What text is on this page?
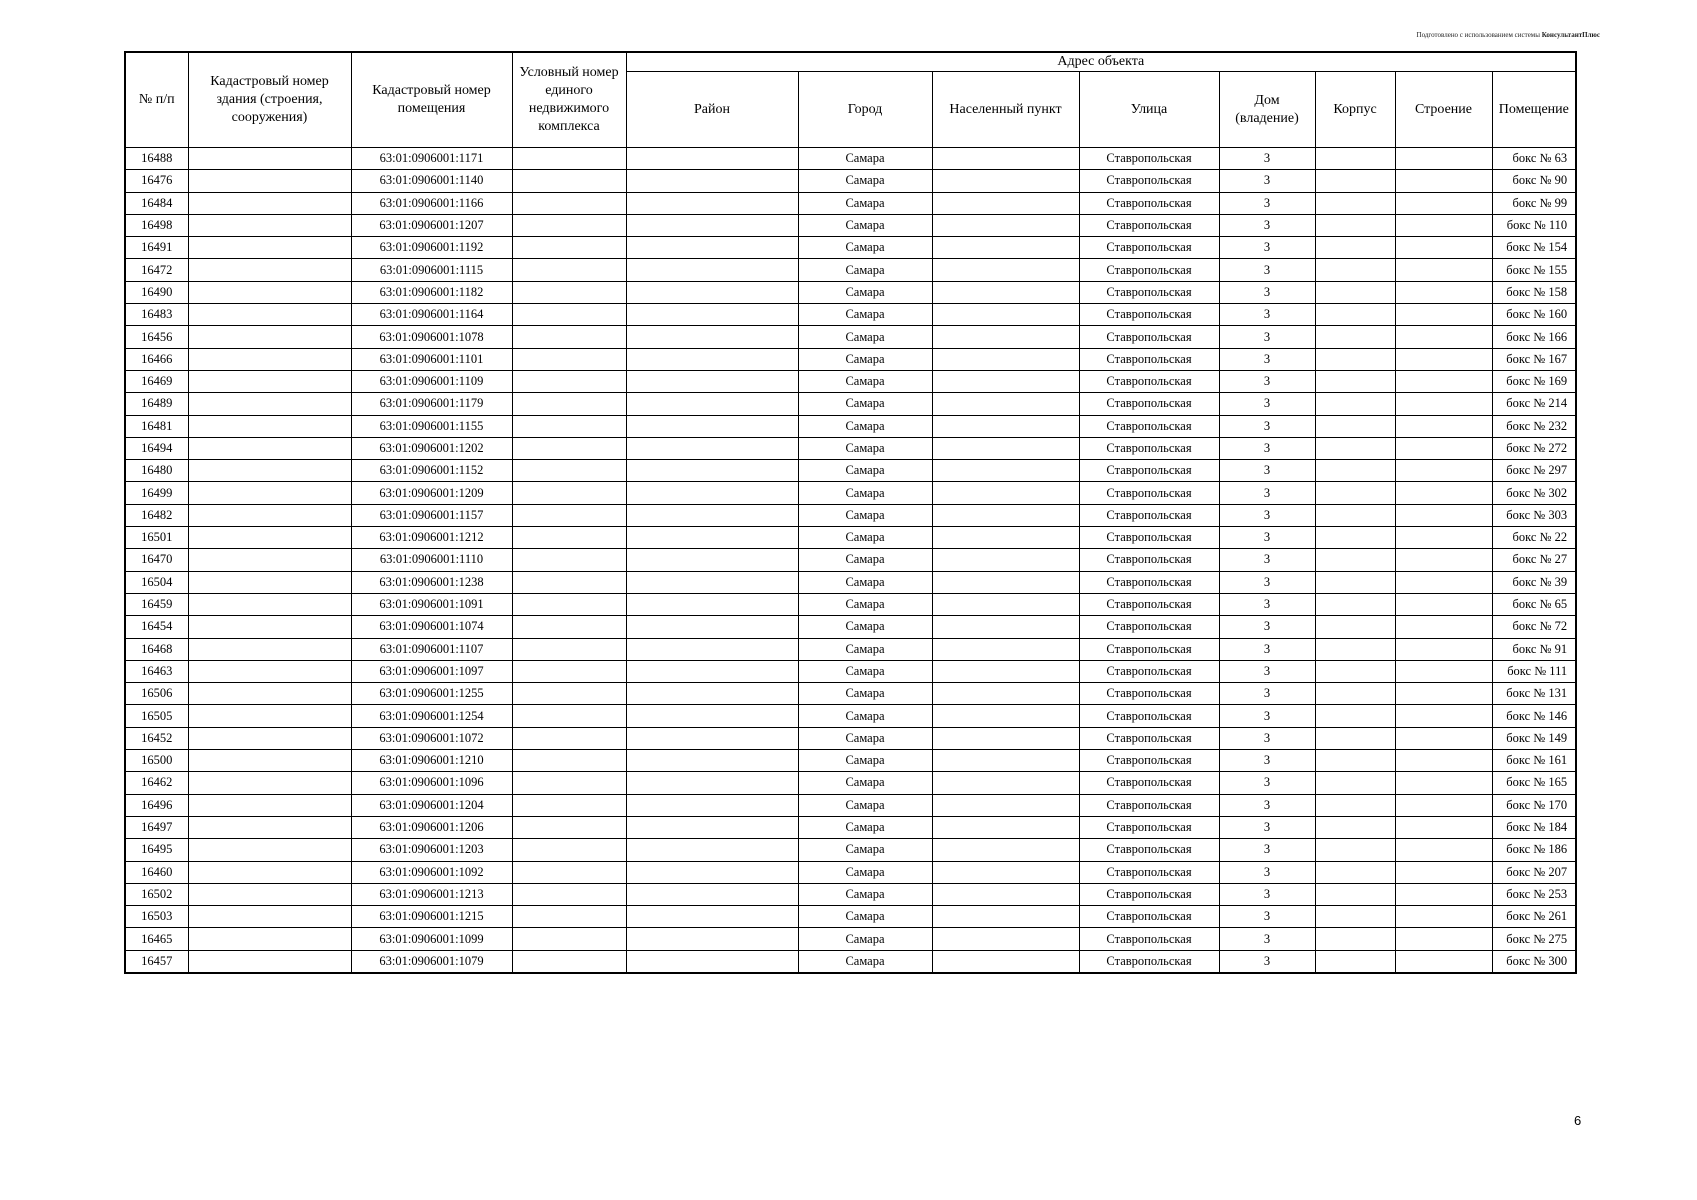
Подготовлено с использованием системы КонсультантПлюс
№ п/п	Кадастровый номер здания (строения, сооружения)	Кадастровый номер помещения	Условный номер единого недвижимого комплекса	Адрес объекта							
				Район	Город	Населенный пункт	Улица	Дом (владение)	Корпус	Строение	Помещение
16488		63:01:0906001:1171			Самара		Ставропольская	3			бокс № 63
16476		63:01:0906001:1140			Самара		Ставропольская	3			бокс № 90
16484		63:01:0906001:1166			Самара		Ставропольская	3			бокс № 99
16498		63:01:0906001:1207			Самара		Ставропольская	3			бокс № 110
16491		63:01:0906001:1192			Самара		Ставропольская	3			бокс № 154
16472		63:01:0906001:1115			Самара		Ставропольская	3			бокс № 155
16490		63:01:0906001:1182			Самара		Ставропольская	3			бокс № 158
16483		63:01:0906001:1164			Самара		Ставропольская	3			бокс № 160
16456		63:01:0906001:1078			Самара		Ставропольская	3			бокс № 166
16466		63:01:0906001:1101			Самара		Ставропольская	3			бокс № 167
16469		63:01:0906001:1109			Самара		Ставропольская	3			бокс № 169
16489		63:01:0906001:1179			Самара		Ставропольская	3			бокс № 214
16481		63:01:0906001:1155			Самара		Ставропольская	3			бокс № 232
16494		63:01:0906001:1202			Самара		Ставропольская	3			бокс № 272
16480		63:01:0906001:1152			Самара		Ставропольская	3			бокс № 297
16499		63:01:0906001:1209			Самара		Ставропольская	3			бокс № 302
16482		63:01:0906001:1157			Самара		Ставропольская	3			бокс № 303
16501		63:01:0906001:1212			Самара		Ставропольская	3			бокс № 22
16470		63:01:0906001:1110			Самара		Ставропольская	3			бокс № 27
16504		63:01:0906001:1238			Самара		Ставропольская	3			бокс № 39
16459		63:01:0906001:1091			Самара		Ставропольская	3			бокс № 65
16454		63:01:0906001:1074			Самара		Ставропольская	3			бокс № 72
16468		63:01:0906001:1107			Самара		Ставропольская	3			бокс № 91
16463		63:01:0906001:1097			Самара		Ставропольская	3			бокс № 111
16506		63:01:0906001:1255			Самара		Ставропольская	3			бокс № 131
16505		63:01:0906001:1254			Самара		Ставропольская	3			бокс № 146
16452		63:01:0906001:1072			Самара		Ставропольская	3			бокс № 149
16500		63:01:0906001:1210			Самара		Ставропольская	3			бокс № 161
16462		63:01:0906001:1096			Самара		Ставропольская	3			бокс № 165
16496		63:01:0906001:1204			Самара		Ставропольская	3			бокс № 170
16497		63:01:0906001:1206			Самара		Ставропольская	3			бокс № 184
16495		63:01:0906001:1203			Самара		Ставропольская	3			бокс № 186
16460		63:01:0906001:1092			Самара		Ставропольская	3			бокс № 207
16502		63:01:0906001:1213			Самара		Ставропольская	3			бокс № 253
16503		63:01:0906001:1215			Самара		Ставропольская	3			бокс № 261
16465		63:01:0906001:1099			Самара		Ставропольская	3			бокс № 275
16457		63:01:0906001:1079			Самара		Ставропольская	3			бокс № 300
6
